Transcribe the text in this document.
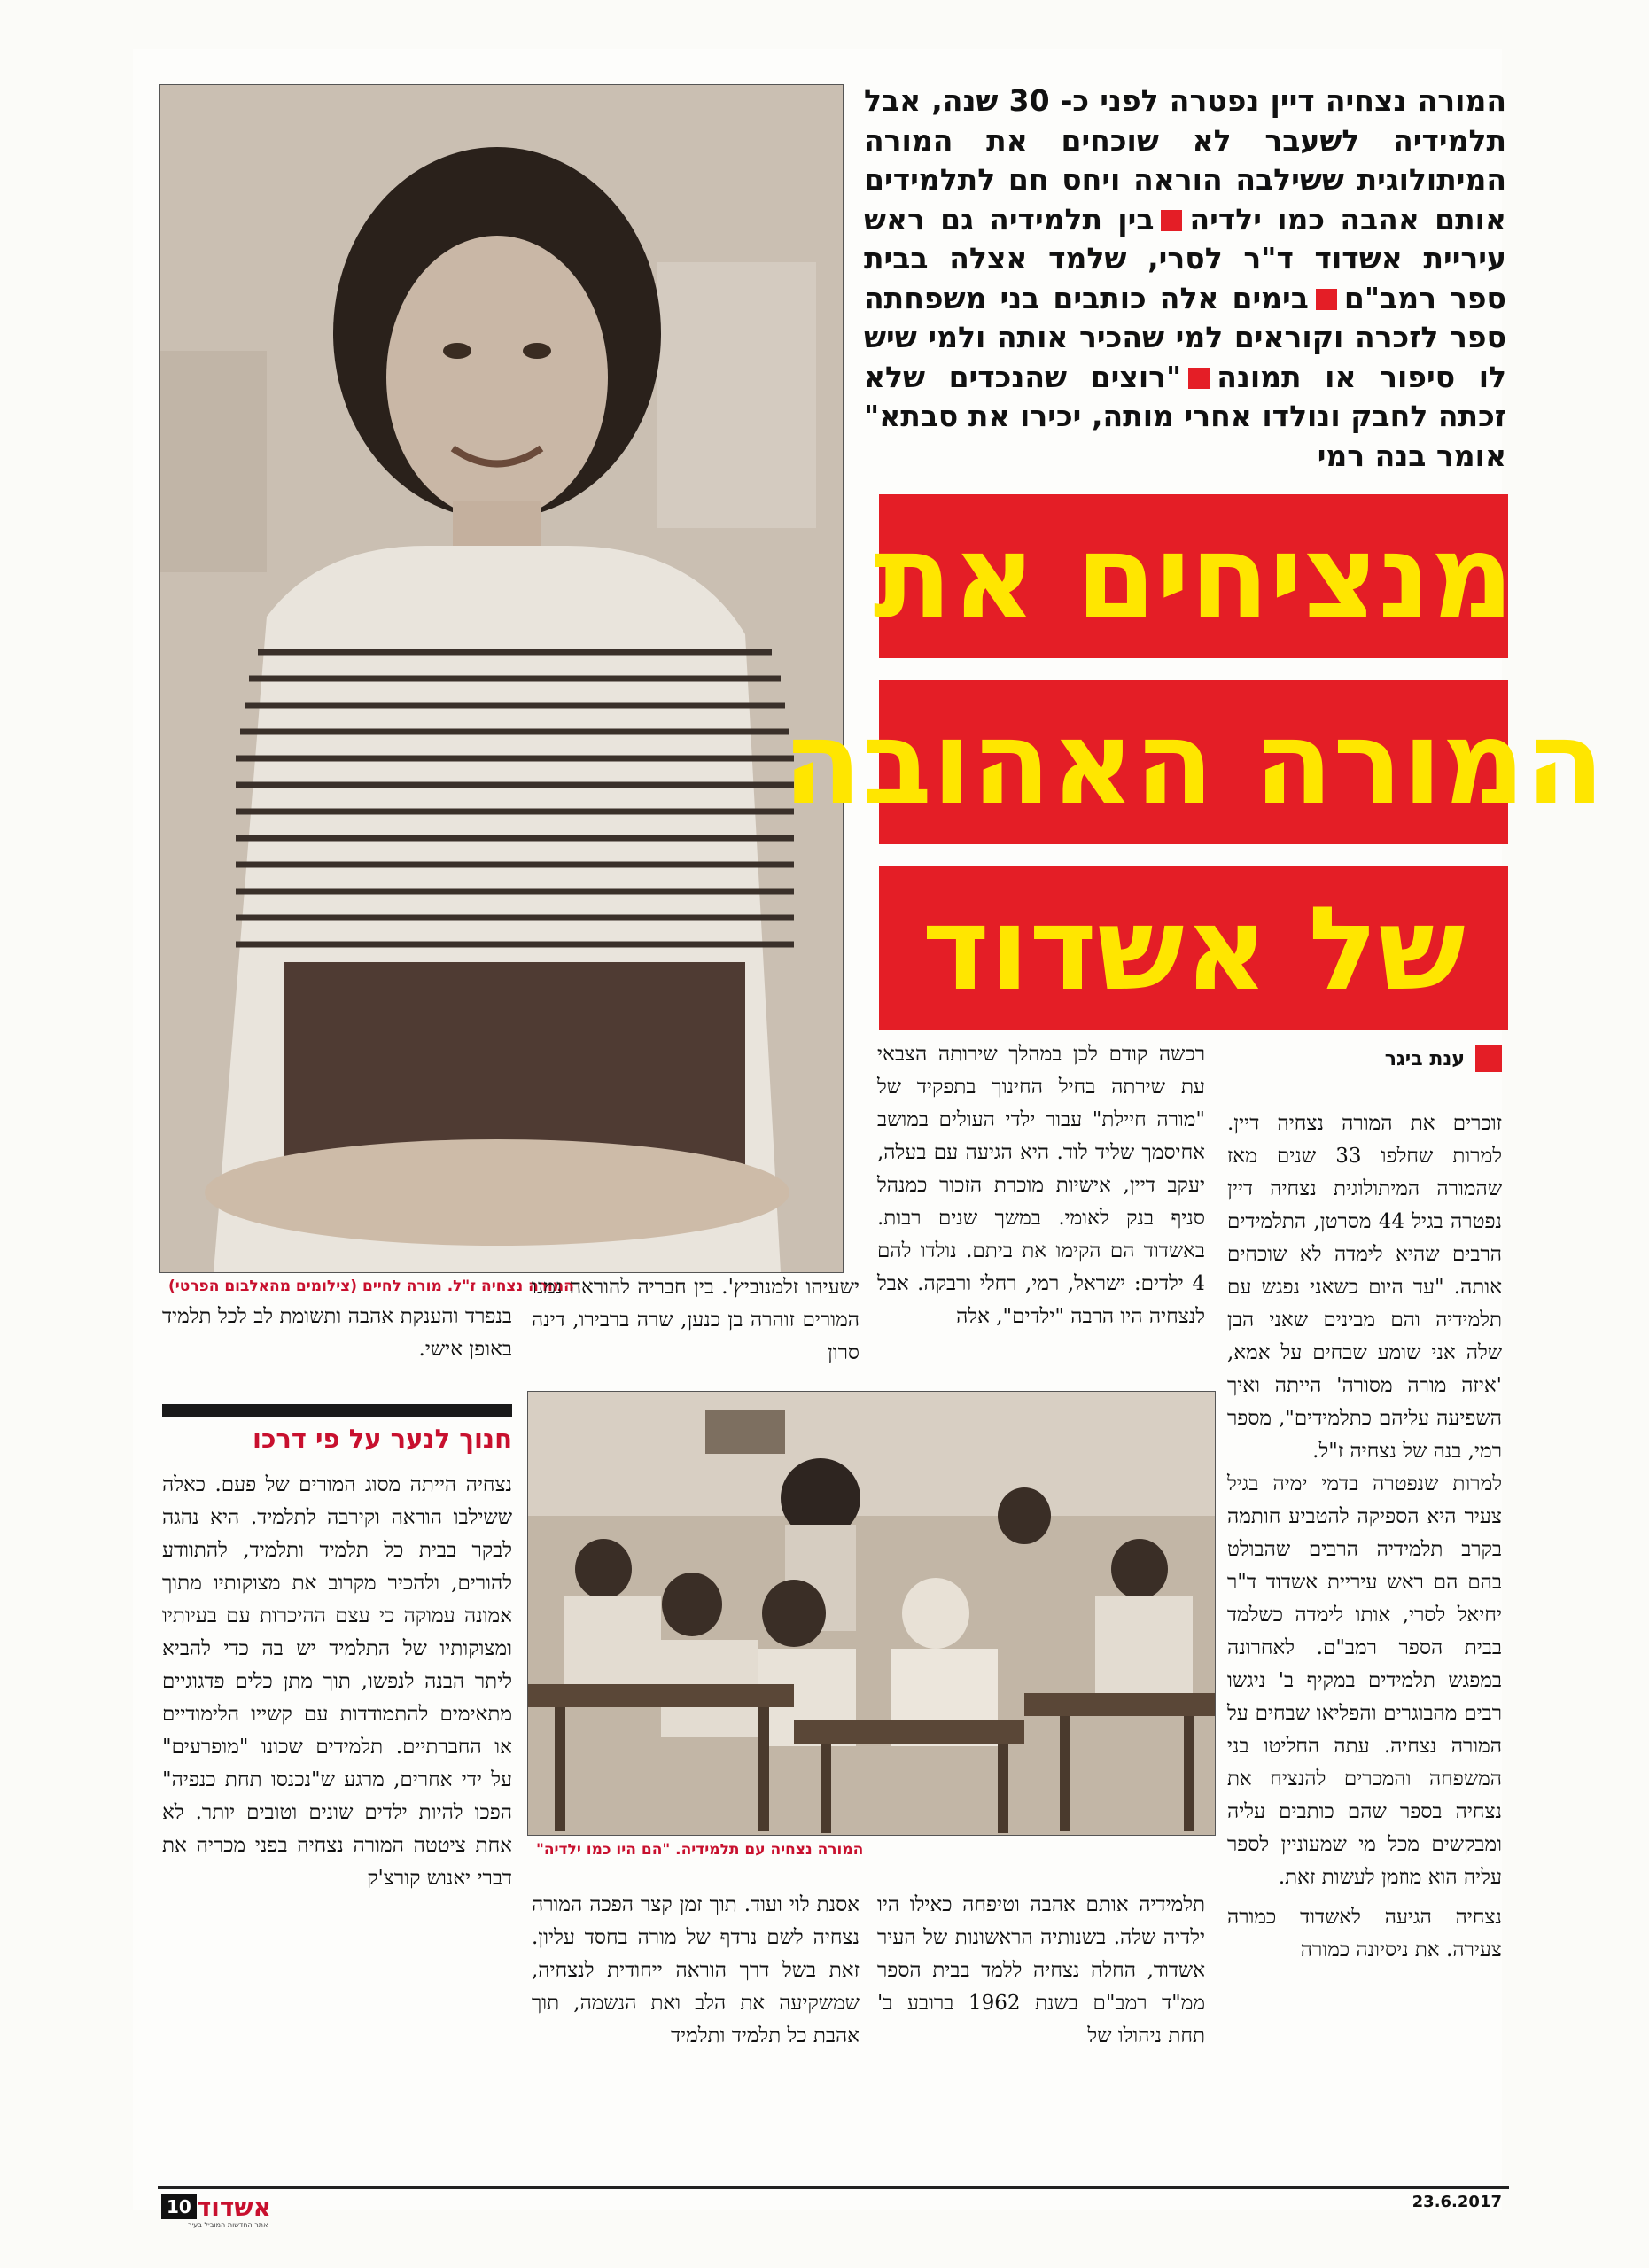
המורה נצחיה ז"ל. מורה לחיים (צילומים מהאלבום הפרטי)

המורה נצחיה דיין נפטרה לפני כ- 30 שנה, אבל תלמידיה לשעבר לא שוכחים את המורה המיתולוגית ששילבה הוראה ויחס חם לתלמידים אותם אהבה כמו ילדיהבין תלמידיה גם ראש עיריית אשדוד ד"ר לסרי, שלמד אצלה בבית ספר רמב"םבימים אלה כותבים בני משפחתה ספר לזכרה וקוראים למי שהכיר אותה ולמי שיש לו סיפור או תמונה"רוצים שהנכדים שלא זכתה לחבק ונולדו אחרי מותה, יכירו את סבתא" אומר בנה רמי

מנציחים את
המורה האהובה
של אשדוד
ענת ביגר

זוכרים את המורה נצחיה דיין. למרות שחלפו 33 שנים מאז שהמורה המיתולוגית נצחיה דיין נפטרה בגיל 44 מסרטן, התלמידים הרבים שהיא לימדה לא שוכחים אותה. "עד היום כשאני נפגש עם תלמידיה והם מבינים שאני הבן שלה אני שומע שבחים על אמא, 'איזה מורה מסורה' הייתה ואיך השפיעה עליהם כתלמידים", מספר רמי, בנה של נצחיה ז"ל.

למרות שנפטרה בדמי ימיה בגיל צעיר היא הספיקה להטביע חותמה בקרב תלמידיה הרבים שהבולט בהם הם ראש עיריית אשדוד ד"ר יחיאל לסרי, אותו לימדה כשלמד בבית הספר רמב"ם. לאחרונה במפגש תלמידים במקיף ב' ניגשו רבים מהבוגרים והפליאו שבחים על המורה נצחיה. עתה החליטו בני המשפחה והמכרים להנציח את נצחיה בספר שהם כותבים עליה ומבקשים מכל מי שמעוניין לספר עליה הוא מוזמן לעשות זאת.

נצחיה הגיעה לאשדוד כמורה צעירה. את ניסיונה כמורה

רכשה קודם לכן במהלך שירותה הצבאי עת שירתה בחיל החינוך בתפקיד של "מורה חיילת" עבור ילדי העולים במושב אחיסמך שליד לוד. היא הגיעה עם בעלה, יעקב דיין, אישיות מוכרת הזכור כמנהל סניף בנק לאומי. במשך שנים רבות. באשדוד הם הקימו את ביתם. נולדו להם 4 ילדים: ישראל, רמי, רחלי ורבקה. אבל לנצחיה היו הרבה "ילדים", אלה

תלמידיה אותם אהבה וטיפחה כאילו היו ילדיה שלה. בשנותיה הראשונות של העיר אשדוד, החלה נצחיה ללמד בבית הספר ממ"ד רמב"ם בשנת 1962 ברובע ב' תחת ניהולו של

ישעיהו זלמנוביץ'. בין חבריה להוראה נמנו המורים זוהרה בן כנען, שרה ברבירו, דינה סרון

אסנת לוי ועוד. תוך זמן קצר הפכה המורה נצחיה לשם נרדף של מורה בחסד עליון. זאת בשל דרך הוראה ייחודית לנצחיה, שמשקיעה את הלב ואת הנשמה, תוך אהבת כל תלמיד ותלמיד

המורה נצחיה עם תלמידיה. "הם היו כמו ילדיה"

בנפרד והענקת אהבה ותשומת לב לכל תלמיד באופן אישי.

חנוך לנער על פי דרכו

נצחיה הייתה מסוג המורים של פעם. כאלה ששילבו הוראה וקירבה לתלמיד. היא נהגה לבקר בבית כל תלמיד ותלמיד, להתוודע להורים, ולהכיר מקרוב את מצוקותיו מתוך אמונה עמוקה כי עצם ההיכרות עם בעיותיו ומצוקותיו של התלמיד יש בה כדי להביא ליתר הבנה לנפשו, תוך מתן כלים פדגוגיים מתאימים להתמודדות עם קשייו הלימודיים או החברתיים. תלמידים שכונו "מופרעים" על ידי אחרים, מרגע ש"נכנסו תחת כנפיה" הפכו להיות ילדים שונים וטובים יותר. לא אחת ציטטה המורה נצחיה בפני מכריה את דברי יאנוש קורצ'ק

10 אשדוד
אתר החדשות המוביל בעיר
23.6.2017
